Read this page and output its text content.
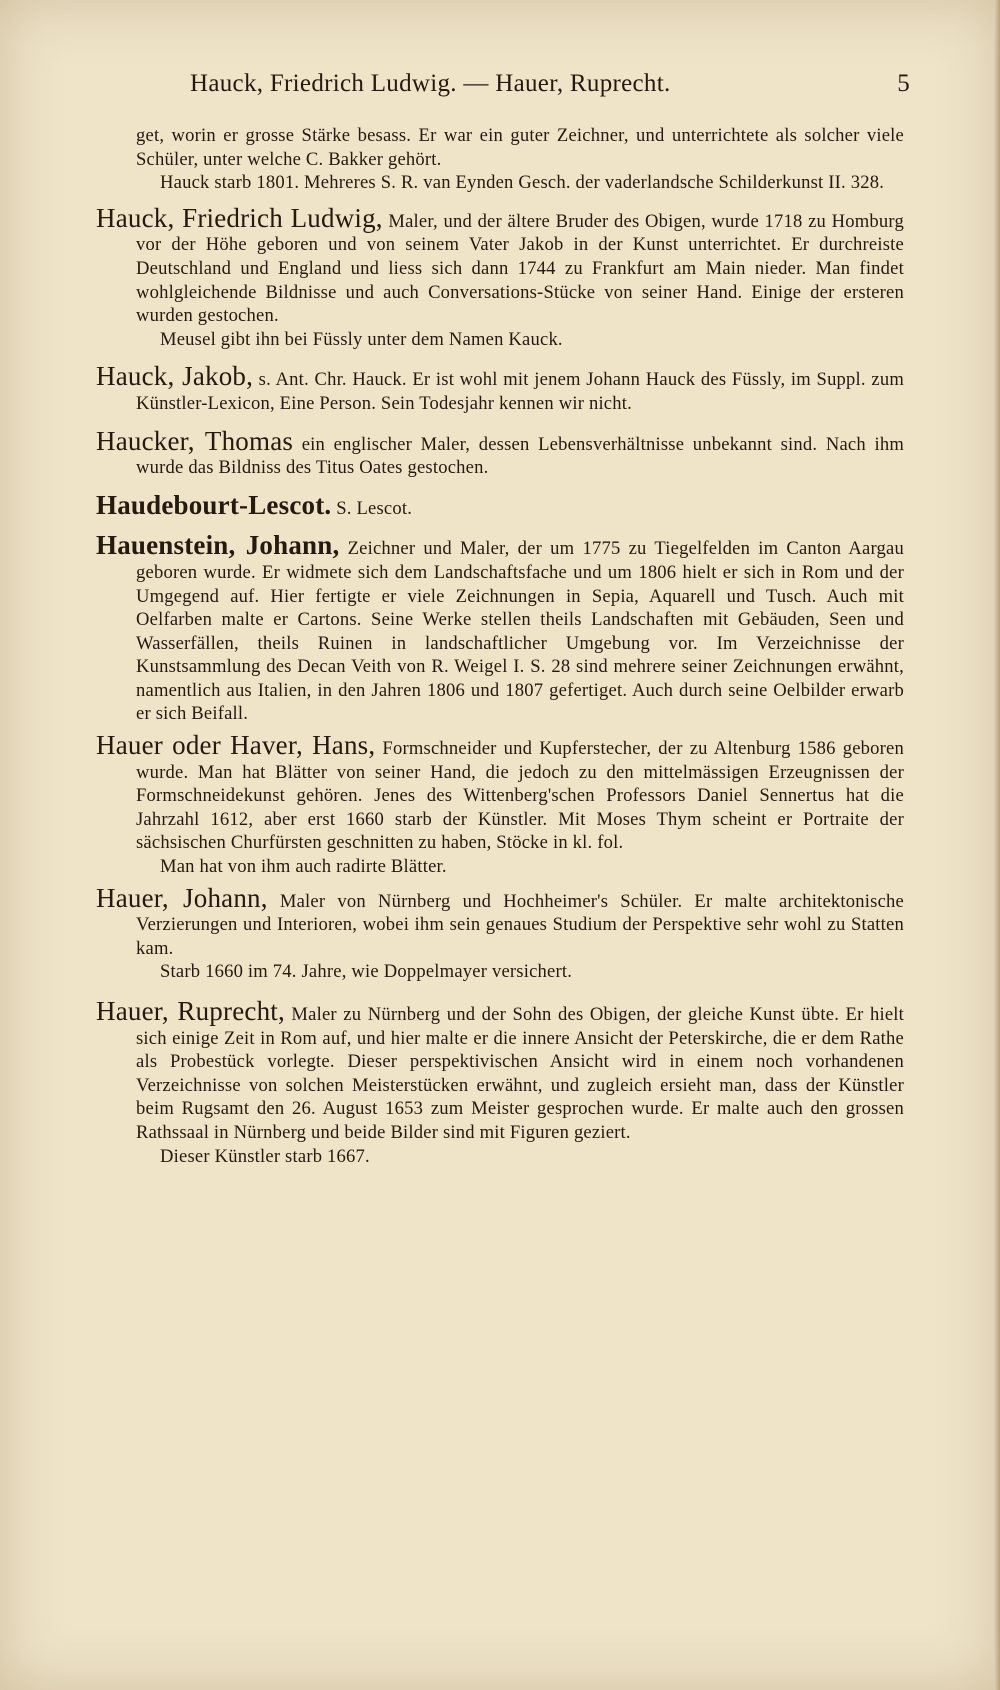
Hauck, Friedrich Ludwig. — Hauer, Ruprecht.	5

get, worin er grosse Stärke besass. Er war ein guter Zeichner, und unterrichtete als solcher viele Schüler, unter welche C. Bakker gehört.

Hauck starb 1801. Mehreres S. R. van Eynden Gesch. der vaderlandsche Schilderkunst II. 328.

Hauck, Friedrich Ludwig, Maler, und der ältere Bruder des Obigen, wurde 1718 zu Homburg vor der Höhe geboren und von seinem Vater Jakob in der Kunst unterrichtet. Er durchreiste Deutschland und England und liess sich dann 1744 zu Frankfurt am Main nieder. Man findet wohlgleichende Bildnisse und auch Conversations-Stücke von seiner Hand. Einige der ersteren wurden gestochen.

Meusel gibt ihn bei Füssly unter dem Namen Kauck.

Hauck, Jakob, s. Ant. Chr. Hauck. Er ist wohl mit jenem Johann Hauck des Füssly, im Suppl. zum Künstler-Lexicon, Eine Person. Sein Todesjahr kennen wir nicht.

Haucker, Thomas ein englischer Maler, dessen Lebensverhältnisse unbekannt sind. Nach ihm wurde das Bildniss des Titus Oates gestochen.

Haudebourt-Lescot. S. Lescot.

Hauenstein, Johann, Zeichner und Maler, der um 1775 zu Tiegelfelden im Canton Aargau geboren wurde. Er widmete sich dem Landschaftsfache und um 1806 hielt er sich in Rom und der Umgegend auf. Hier fertigte er viele Zeichnungen in Sepia, Aquarell und Tusch. Auch mit Oelfarben malte er Cartons. Seine Werke stellen theils Landschaften mit Gebäuden, Seen und Wasserfällen, theils Ruinen in landschaftlicher Umgebung vor. Im Verzeichnisse der Kunstsammlung des Decan Veith von R. Weigel I. S. 28 sind mehrere seiner Zeichnungen erwähnt, namentlich aus Italien, in den Jahren 1806 und 1807 gefertiget. Auch durch seine Oelbilder erwarb er sich Beifall.

Hauer oder Haver, Hans, Formschneider und Kupferstecher, der zu Altenburg 1586 geboren wurde. Man hat Blätter von seiner Hand, die jedoch zu den mittelmässigen Erzeugnissen der Formschneidekunst gehören. Jenes des Wittenberg'schen Professors Daniel Sennertus hat die Jahrzahl 1612, aber erst 1660 starb der Künstler. Mit Moses Thym scheint er Portraite der sächsischen Churfürsten geschnitten zu haben, Stöcke in kl. fol.

Man hat von ihm auch radirte Blätter.

Hauer, Johann, Maler von Nürnberg und Hochheimer's Schüler. Er malte architektonische Verzierungen und Interioren, wobei ihm sein genaues Studium der Perspektive sehr wohl zu Statten kam.

Starb 1660 im 74. Jahre, wie Doppelmayer versichert.

Hauer, Ruprecht, Maler zu Nürnberg und der Sohn des Obigen, der gleiche Kunst übte. Er hielt sich einige Zeit in Rom auf, und hier malte er die innere Ansicht der Peterskirche, die er dem Rathe als Probestück vorlegte. Dieser perspektivischen Ansicht wird in einem noch vorhandenen Verzeichnisse von solchen Meisterstücken erwähnt, und zugleich ersieht man, dass der Künstler beim Rugsamt den 26. August 1653 zum Meister gesprochen wurde. Er malte auch den grossen Rathssaal in Nürnberg und beide Bilder sind mit Figuren geziert.

Dieser Künstler starb 1667.
